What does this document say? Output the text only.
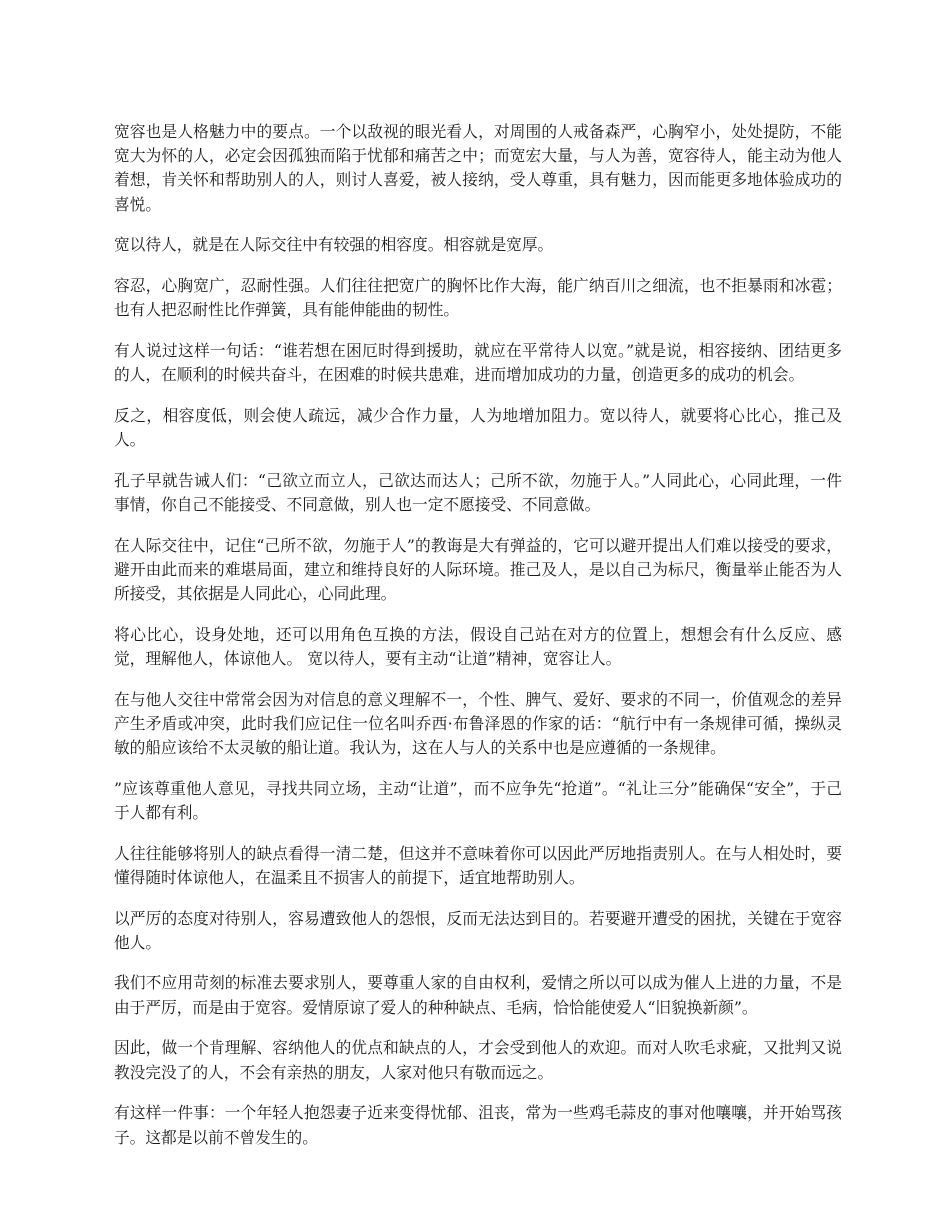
宽容也是人格魅力中的要点。一个以敌视的眼光看人，对周围的人戒备森严，心胸窄小，处处提防，不能宽大为怀的人，必定会因孤独而陷于忧郁和痛苦之中；而宽宏大量，与人为善，宽容待人，能主动为他人着想，肯关怀和帮助别人的人，则讨人喜爱，被人接纳，受人尊重，具有魅力，因而能更多地体验成功的喜悦。

宽以待人，就是在人际交往中有较强的相容度。相容就是宽厚。

容忍，心胸宽广，忍耐性强。人们往往把宽广的胸怀比作大海，能广纳百川之细流，也不拒暴雨和冰雹；也有人把忍耐性比作弹簧，具有能伸能曲的韧性。

有人说过这样一句话：“谁若想在困厄时得到援助，就应在平常待人以宽。”就是说，相容接纳、团结更多的人，在顺利的时候共奋斗，在困难的时候共患难，进而增加成功的力量，创造更多的成功的机会。

反之，相容度低，则会使人疏远，减少合作力量，人为地增加阻力。宽以待人，就要将心比心，推己及人。

孔子早就告诫人们：“己欲立而立人，己欲达而达人；己所不欲，勿施于人。”人同此心，心同此理，一件事情，你自己不能接受、不同意做，别人也一定不愿接受、不同意做。

在人际交往中，记住“己所不欲，勿施于人”的教诲是大有弹益的，它可以避开提出人们难以接受的要求，避开由此而来的难堪局面，建立和维持良好的人际环境。推己及人，是以自己为标尺，衡量举止能否为人所接受，其依据是人同此心，心同此理。

将心比心，设身处地，还可以用角色互换的方法，假设自己站在对方的位置上，想想会有什么反应、感觉，理解他人，体谅他人。 宽以待人，要有主动“让道”精神，宽容让人。

在与他人交往中常常会因为对信息的意义理解不一，个性、脾气、爱好、要求的不同一，价值观念的差异产生矛盾或冲突，此时我们应记住一位名叫乔西·布鲁泽恩的作家的话：“航行中有一条规律可循，操纵灵敏的船应该给不太灵敏的船让道。我认为，这在人与人的关系中也是应遵循的一条规律。

”应该尊重他人意见，寻找共同立场，主动“让道”，而不应争先“抢道”。“礼让三分”能确保“安全”，于己于人都有利。

人往往能够将别人的缺点看得一清二楚，但这并不意味着你可以因此严厉地指责别人。在与人相处时，要懂得随时体谅他人，在温柔且不损害人的前提下，适宜地帮助别人。

以严厉的态度对待别人，容易遭致他人的怨恨，反而无法达到目的。若要避开遭受的困扰，关键在于宽容他人。

我们不应用苛刻的标准去要求别人，要尊重人家的自由权利，爱情之所以可以成为催人上进的力量，不是由于严厉，而是由于宽容。爱情原谅了爱人的种种缺点、毛病，恰恰能使爱人“旧貌换新颜”。

因此，做一个肯理解、容纳他人的优点和缺点的人，才会受到他人的欢迎。而对人吹毛求疵，又批判又说教没完没了的人，不会有亲热的朋友，人家对他只有敬而远之。

有这样一件事：一个年轻人抱怨妻子近来变得忧郁、沮丧，常为一些鸡毛蒜皮的事对他嚷嚷，并开始骂孩子。这都是以前不曾发生的。
